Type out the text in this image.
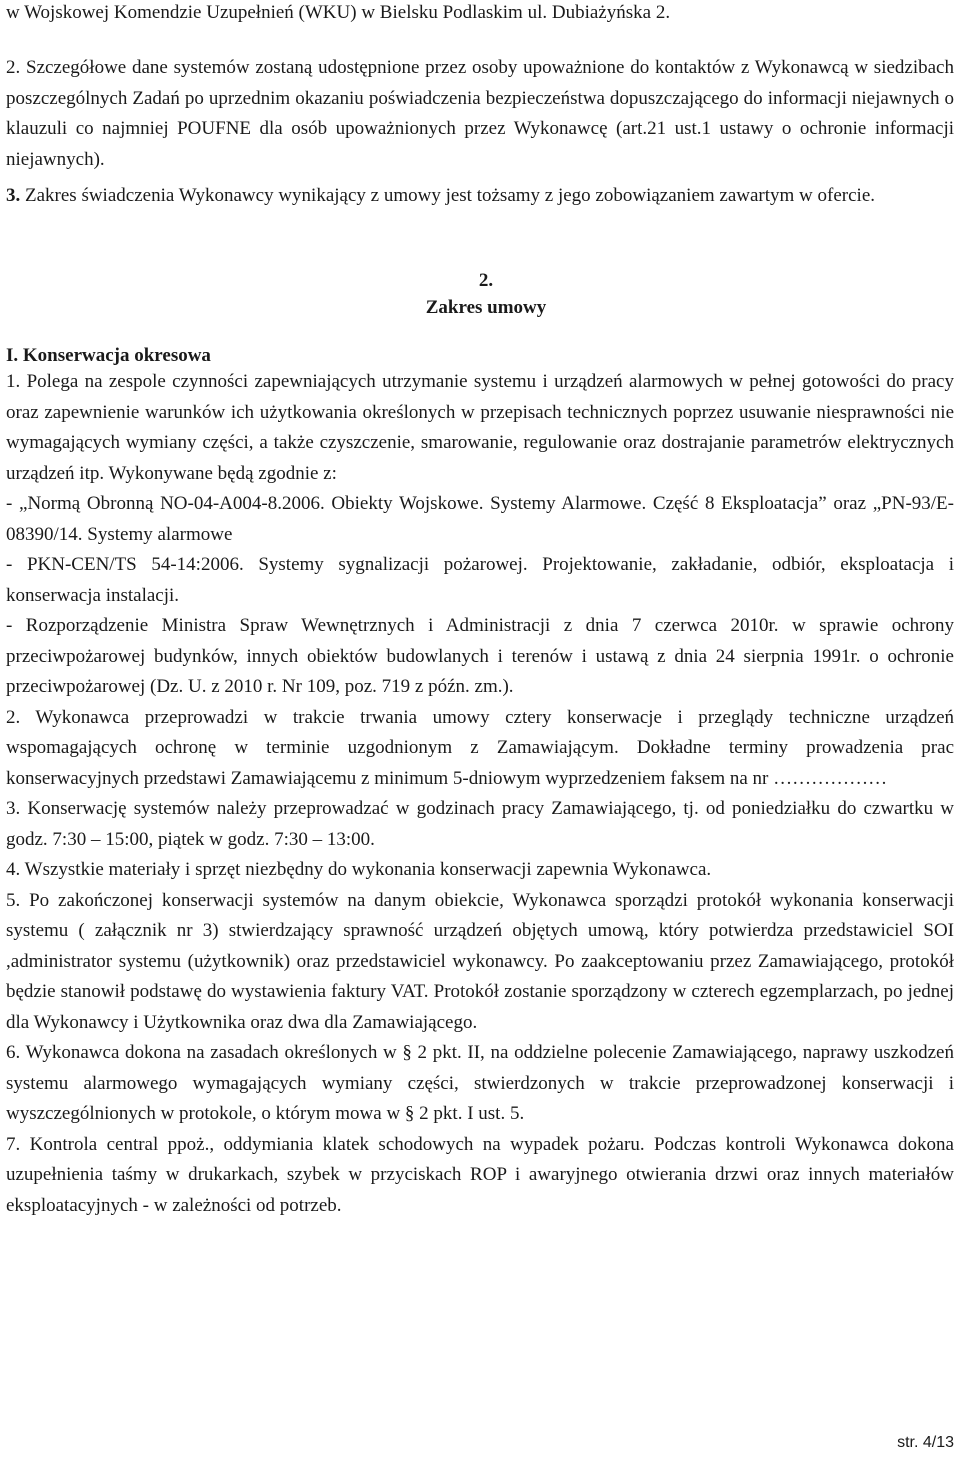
w Wojskowej Komendzie Uzupełnień (WKU) w Bielsku Podlaskim ul. Dubiażyńska 2.

2. Szczegółowe dane systemów zostaną udostępnione przez osoby upoważnione do kontaktów z Wykonawcą w siedzibach poszczególnych Zadań po uprzednim okazaniu poświadczenia bezpieczeństwa dopuszczającego do informacji niejawnych o klauzuli co najmniej POUFNE dla osób upoważnionych przez Wykonawcę (art.21 ust.1 ustawy o ochronie informacji niejawnych).

3. Zakres świadczenia Wykonawcy wynikający z umowy jest tożsamy z jego zobowiązaniem zawartym w ofercie.

2.

Zakres umowy

I. Konserwacja okresowa

1. Polega na zespole czynności zapewniających utrzymanie systemu i urządzeń alarmowych w pełnej gotowości do pracy oraz zapewnienie warunków ich użytkowania określonych w przepisach technicznych poprzez usuwanie niesprawności nie wymagających wymiany części, a także czyszczenie, smarowanie, regulowanie oraz dostrajanie parametrów elektrycznych urządzeń itp. Wykonywane będą zgodnie z:
- „Normą Obronną NO-04-A004-8.2006. Obiekty Wojskowe. Systemy Alarmowe. Część 8 Eksploatacja” oraz „PN-93/E-08390/14. Systemy alarmowe
- PKN-CEN/TS 54-14:2006. Systemy sygnalizacji pożarowej. Projektowanie, zakładanie, odbiór, eksploatacja i konserwacja instalacji.
- Rozporządzenie Ministra Spraw Wewnętrznych i Administracji z dnia 7 czerwca 2010r. w sprawie ochrony przeciwpożarowej budynków, innych obiektów budowlanych i terenów i ustawą z dnia 24 sierpnia 1991r. o ochronie przeciwpożarowej (Dz. U. z 2010 r. Nr 109, poz. 719 z późn. zm.).
2. Wykonawca przeprowadzi w trakcie trwania umowy cztery konserwacje i przeglądy techniczne urządzeń wspomagających ochronę w terminie uzgodnionym z Zamawiającym. Dokładne terminy prowadzenia prac konserwacyjnych przedstawi Zamawiającemu z minimum 5-dniowym wyprzedzeniem faksem na nr ………………
3. Konserwację systemów należy przeprowadzać w godzinach pracy Zamawiającego, tj. od poniedziałku do czwartku w godz. 7:30 – 15:00, piątek w godz. 7:30 – 13:00.
4. Wszystkie materiały i sprzęt niezbędny do wykonania konserwacji zapewnia Wykonawca.
5. Po zakończonej konserwacji systemów na danym obiekcie, Wykonawca sporządzi protokół wykonania konserwacji systemu ( załącznik nr 3) stwierdzający sprawność urządzeń objętych umową, który potwierdza przedstawiciel SOI ,administrator systemu (użytkownik) oraz przedstawiciel wykonawcy. Po zaakceptowaniu przez Zamawiającego, protokół będzie stanowił podstawę do wystawienia faktury VAT. Protokół zostanie sporządzony w czterech egzemplarzach, po jednej dla Wykonawcy i Użytkownika oraz dwa dla Zamawiającego.
6. Wykonawca dokona na zasadach określonych w § 2 pkt. II, na oddzielne polecenie Zamawiającego, naprawy uszkodzeń systemu alarmowego wymagających wymiany części, stwierdzonych w trakcie przeprowadzonej konserwacji i wyszczególnionych w protokole, o którym mowa w § 2 pkt. I ust. 5.
7. Kontrola central ppoż., oddymiania klatek schodowych na wypadek pożaru. Podczas kontroli Wykonawca dokona uzupełnienia taśmy w drukarkach, szybek w przyciskach ROP i awaryjnego otwierania drzwi oraz innych materiałów eksploatacyjnych - w zależności od potrzeb.
str. 4/13
